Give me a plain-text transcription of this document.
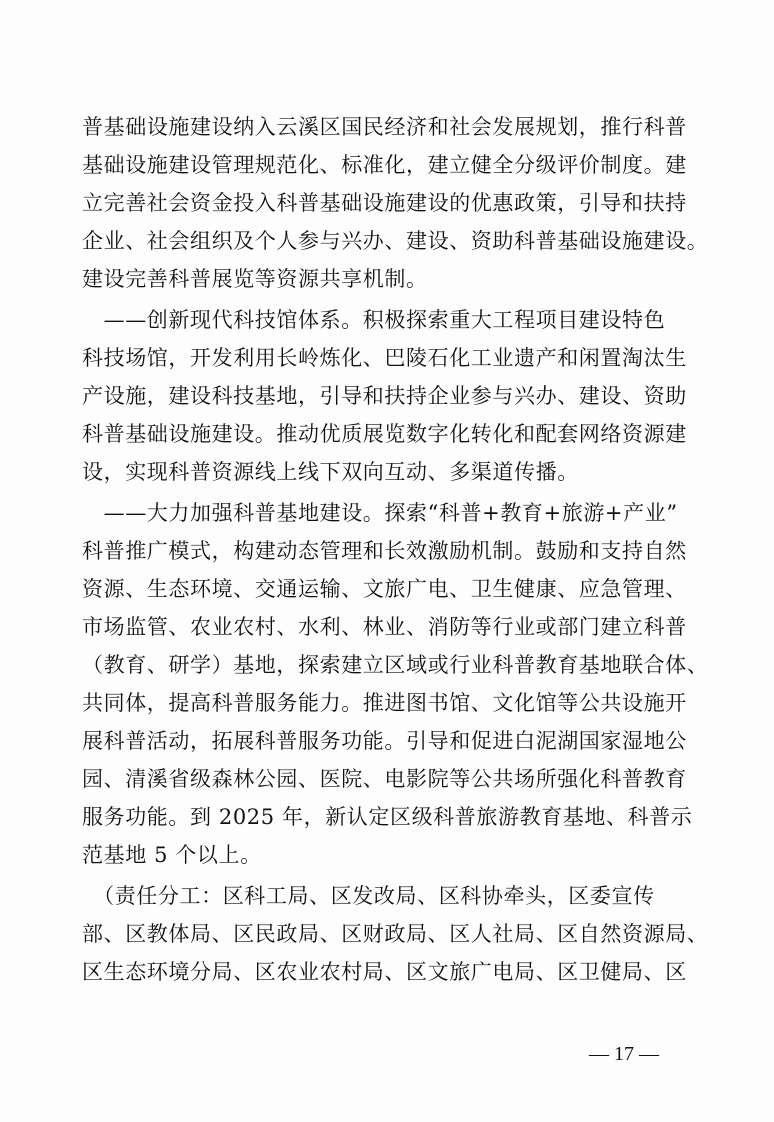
普基础设施建设纳入云溪区国民经济和社会发展规划，推行科普
基础设施建设管理规范化、标准化，建立健全分级评价制度。建
立完善社会资金投入科普基础设施建设的优惠政策，引导和扶持
企业、社会组织及个人参与兴办、建设、资助科普基础设施建设。
建设完善科普展览等资源共享机制。
　——创新现代科技馆体系。积极探索重大工程项目建设特色
科技场馆，开发利用长岭炼化、巴陵石化工业遗产和闲置淘汰生
产设施，建设科技基地，引导和扶持企业参与兴办、建设、资助
科普基础设施建设。推动优质展览数字化转化和配套网络资源建
设，实现科普资源线上线下双向互动、多渠道传播。
　——大力加强科普基地建设。探索“科普+教育+旅游+产业”
科普推广模式，构建动态管理和长效激励机制。鼓励和支持自然
资源、生态环境、交通运输、文旅广电、卫生健康、应急管理、
市场监管、农业农村、水利、林业、消防等行业或部门建立科普
（教育、研学）基地，探索建立区域或行业科普教育基地联合体、
共同体，提高科普服务能力。推进图书馆、文化馆等公共设施开
展科普活动，拓展科普服务功能。引导和促进白泥湖国家湿地公
园、清溪省级森林公园、医院、电影院等公共场所强化科普教育
服务功能。到 2025 年，新认定区级科普旅游教育基地、科普示
范基地 5 个以上。
　（责任分工：区科工局、区发改局、区科协牵头，区委宣传
部、区教体局、区民政局、区财政局、区人社局、区自然资源局、
区生态环境分局、区农业农村局、区文旅广电局、区卫健局、区
— 17 —
